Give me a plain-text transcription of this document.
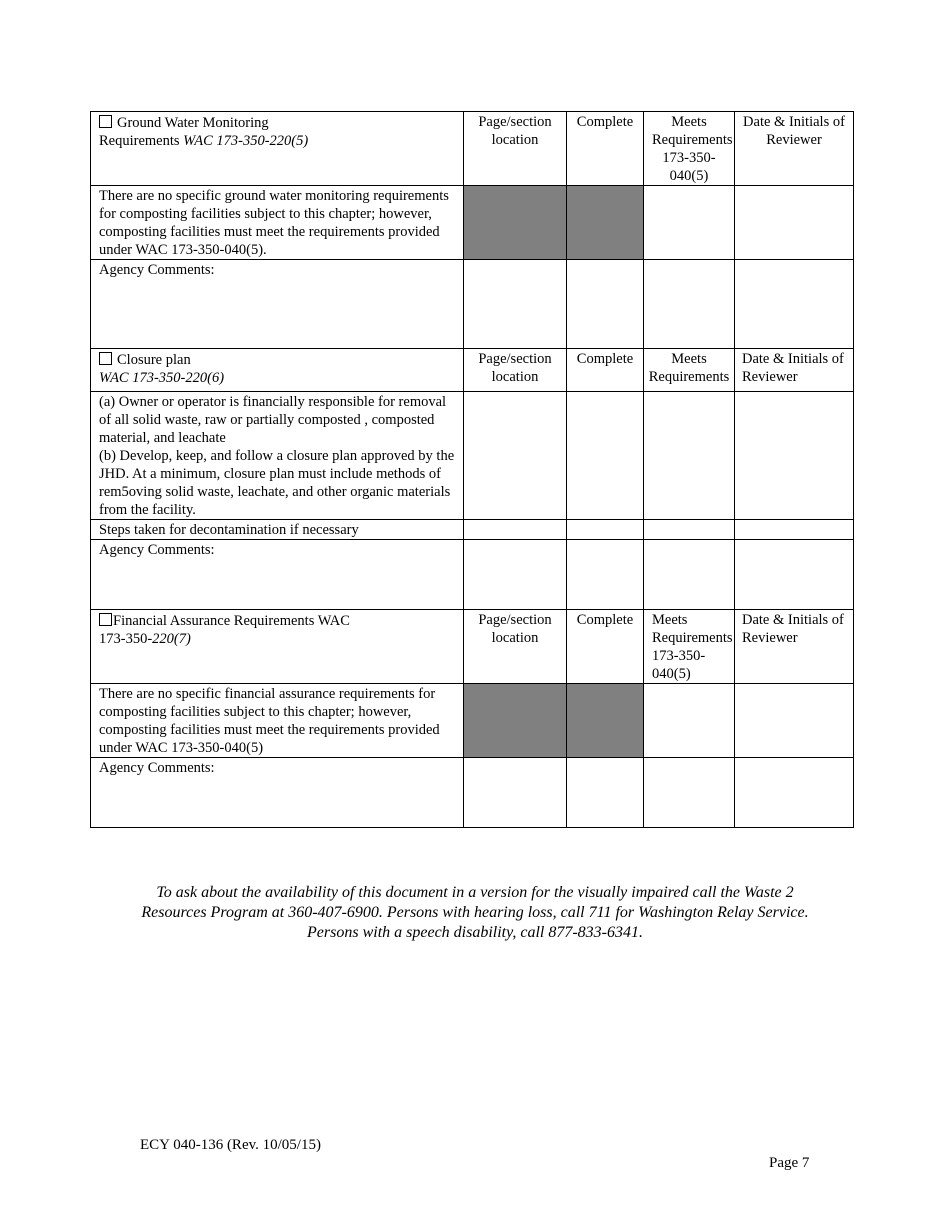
Ground Water Monitoring
Requirements WAC 173-350-220(5)	Page/section location	Complete	Meets Requirements 173-350-040(5)	Date & Initials of Reviewer
There are no specific ground water monitoring requirements for composting facilities subject to this chapter; however, composting facilities must meet the requirements provided under WAC 173-350-040(5).				
Agency Comments:				
Closure plan
WAC 173-350-220(6)	Page/section location	Complete	Meets Requirements	Date & Initials of Reviewer
(a) Owner or operator is financially responsible for removal of all solid waste, raw or partially composted , composted material, and leachate
(b) Develop, keep, and follow a closure plan approved by the JHD. At a minimum, closure plan must include methods of rem5oving solid waste, leachate, and other organic materials from the facility.				
Steps taken for decontamination if necessary				
Agency Comments:				
Financial Assurance Requirements WAC
173-350-220(7)	Page/section location	Complete	Meets Requirements 173-350-040(5)	Date & Initials of Reviewer
There are no specific financial assurance requirements for composting facilities subject to this chapter; however, composting facilities must meet the requirements provided under WAC 173-350-040(5)				
Agency Comments:				
To ask about the availability of this document in a version for the visually impaired call the Waste 2 Resources Program at 360-407-6900. Persons with hearing loss, call 711 for Washington Relay Service. Persons with a speech disability, call 877-833-6341.
ECY 040-136 (Rev. 10/05/15)
Page 7
